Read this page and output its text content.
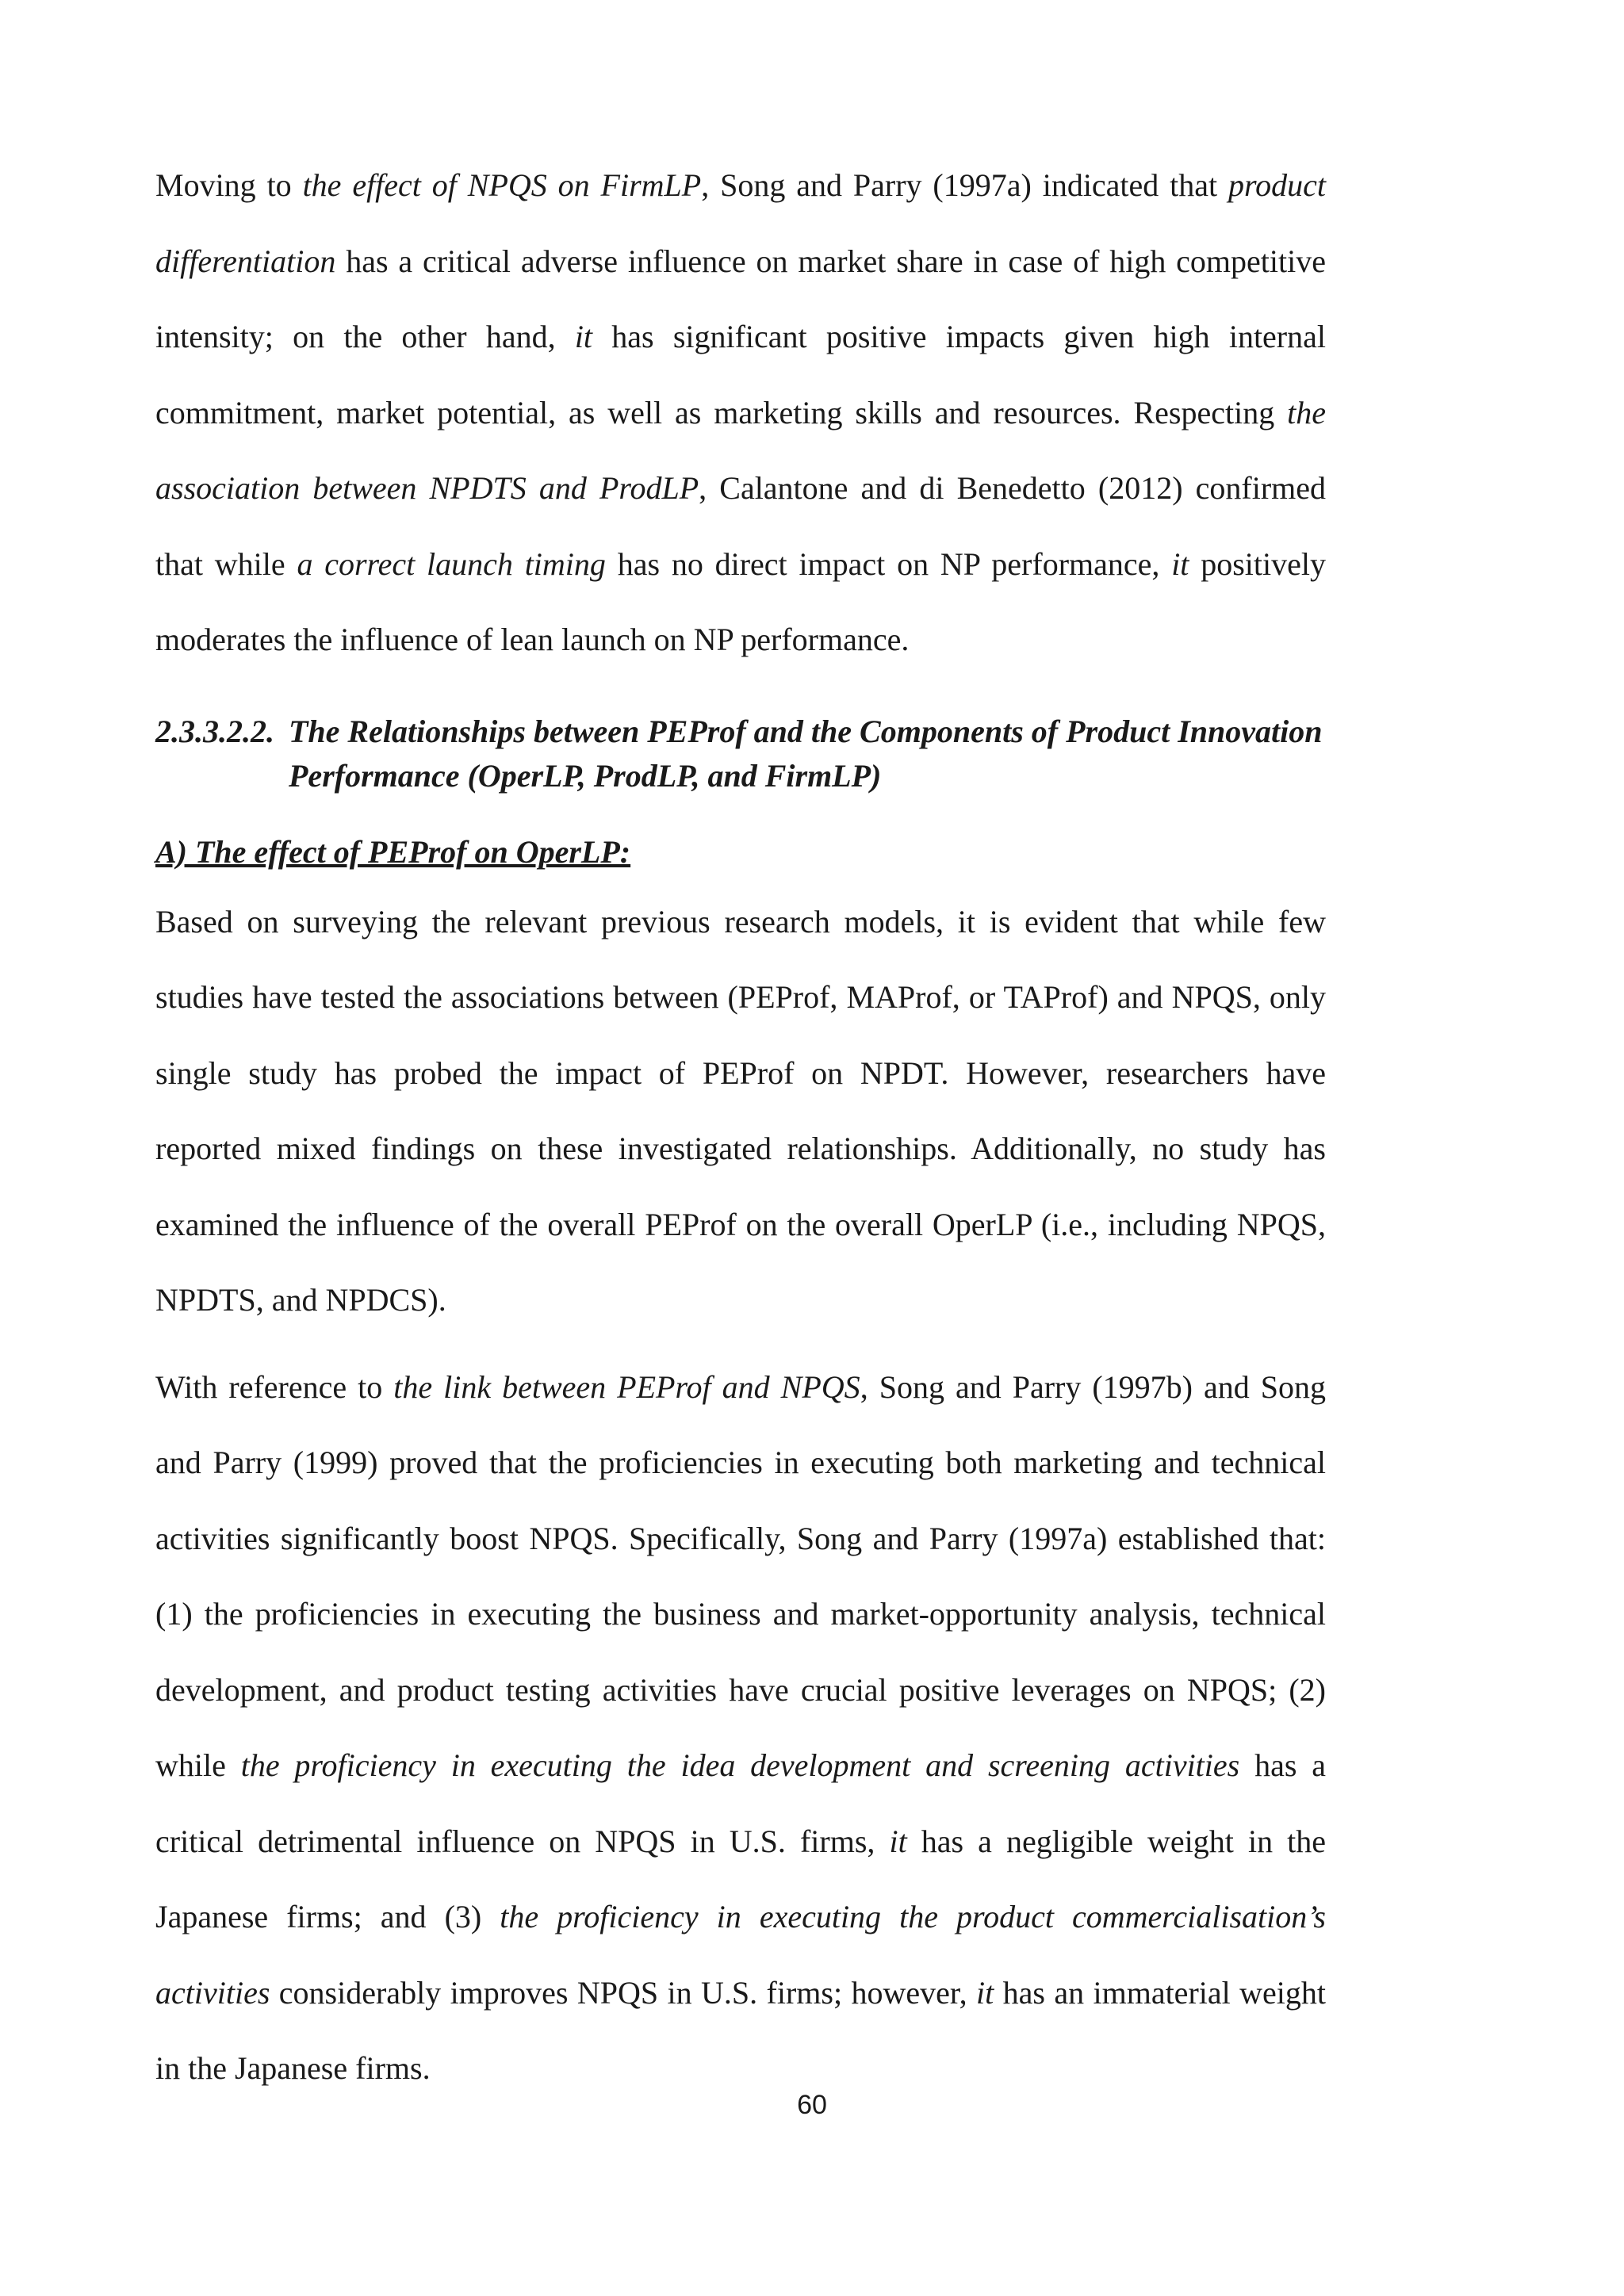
Moving to the effect of NPQS on FirmLP, Song and Parry (1997a) indicated that product differentiation has a critical adverse influence on market share in case of high competitive intensity; on the other hand, it has significant positive impacts given high internal commitment, market potential, as well as marketing skills and resources. Respecting the association between NPDTS and ProdLP, Calantone and di Benedetto (2012) confirmed that while a correct launch timing has no direct impact on NP performance, it positively moderates the influence of lean launch on NP performance.

2.3.3.2.2. The Relationships between PEProf and the Components of Product Innovation Performance (OperLP, ProdLP, and FirmLP)
A) The effect of PEProf on OperLP:

Based on surveying the relevant previous research models, it is evident that while few studies have tested the associations between (PEProf, MAProf, or TAProf) and NPQS, only single study has probed the impact of PEProf on NPDT. However, researchers have reported mixed findings on these investigated relationships. Additionally, no study has examined the influence of the overall PEProf on the overall OperLP (i.e., including NPQS, NPDTS, and NPDCS).

With reference to the link between PEProf and NPQS, Song and Parry (1997b) and Song and Parry (1999) proved that the proficiencies in executing both marketing and technical activities significantly boost NPQS. Specifically, Song and Parry (1997a) established that: (1) the proficiencies in executing the business and market-opportunity analysis, technical development, and product testing activities have crucial positive leverages on NPQS; (2) while the proficiency in executing the idea development and screening activities has a critical detrimental influence on NPQS in U.S. firms, it has a negligible weight in the Japanese firms; and (3) the proficiency in executing the product commercialisation’s activities considerably improves NPQS in U.S. firms; however, it has an immaterial weight in the Japanese firms.

60
